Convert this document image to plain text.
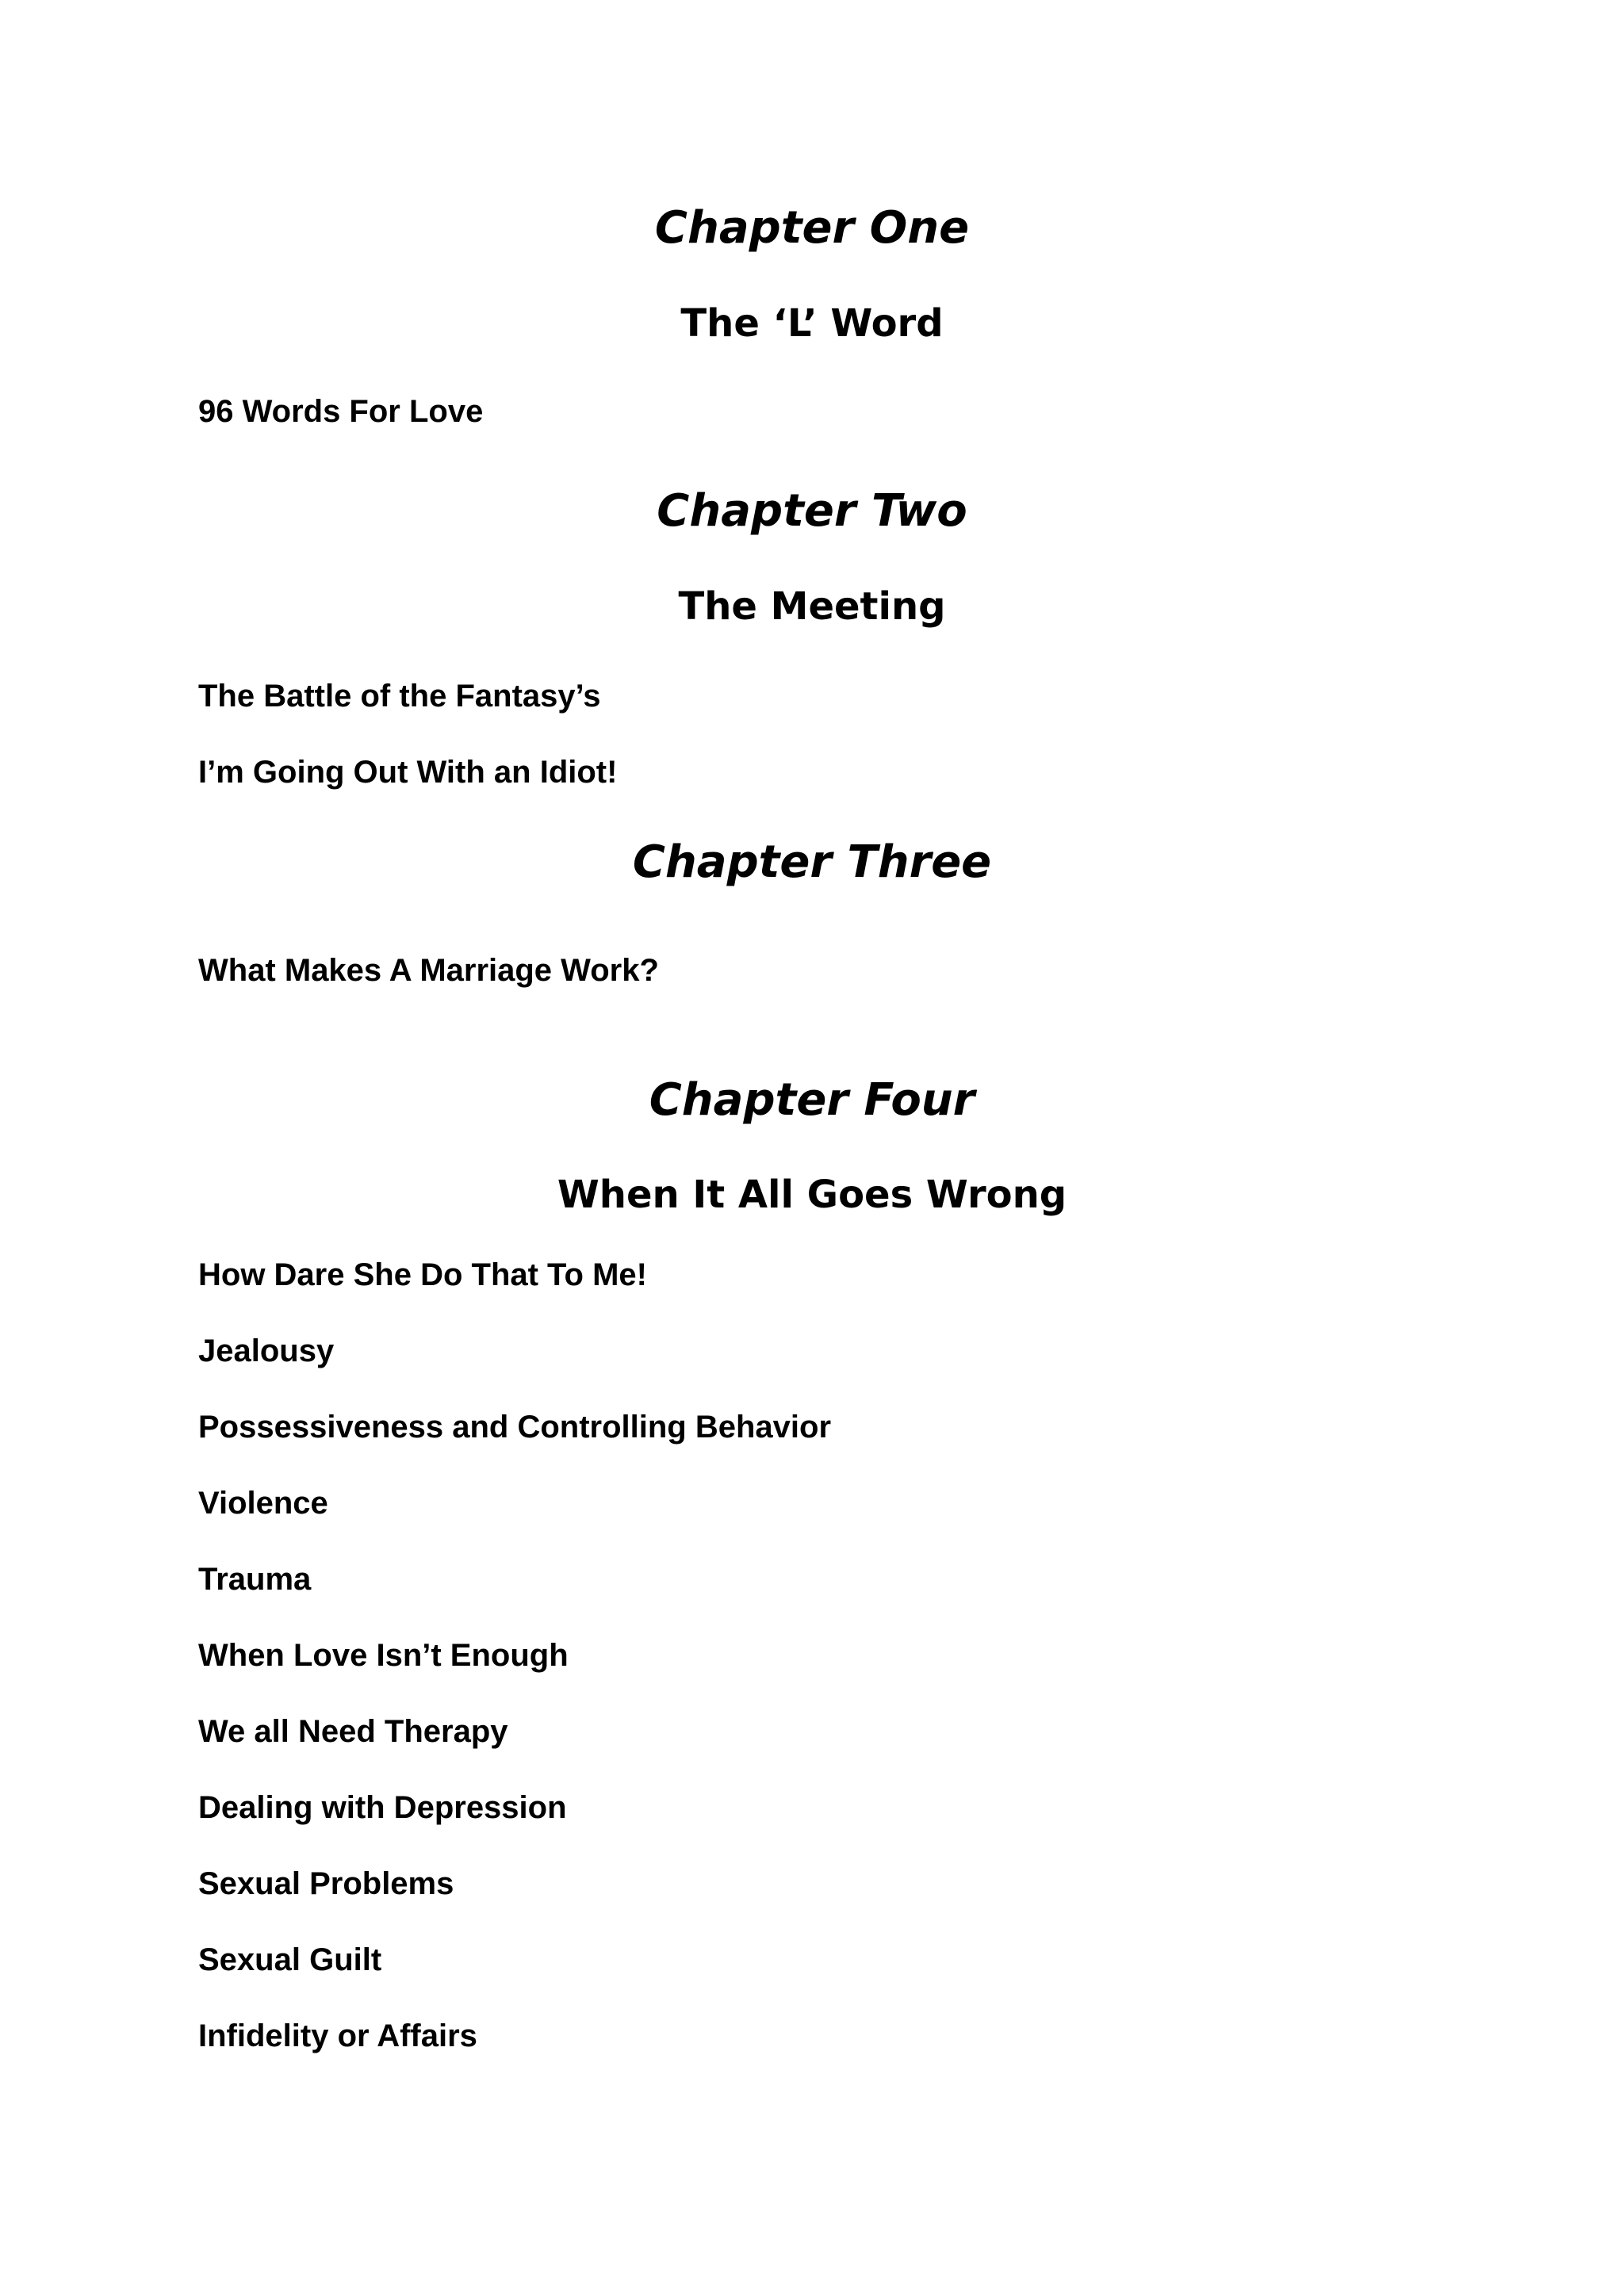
Chapter One
The ‘L’ Word

96 Words For Love

Chapter Two
The Meeting

The Battle of the Fantasy’s

I’m Going Out With an Idiot!

Chapter Three

What Makes A Marriage Work?

Chapter Four
When It All Goes Wrong

How Dare She Do That To Me!

Jealousy

Possessiveness and Controlling Behavior

Violence

Trauma

When Love Isn’t Enough

We all Need Therapy

Dealing with Depression

Sexual Problems

Sexual Guilt

Infidelity or Affairs
